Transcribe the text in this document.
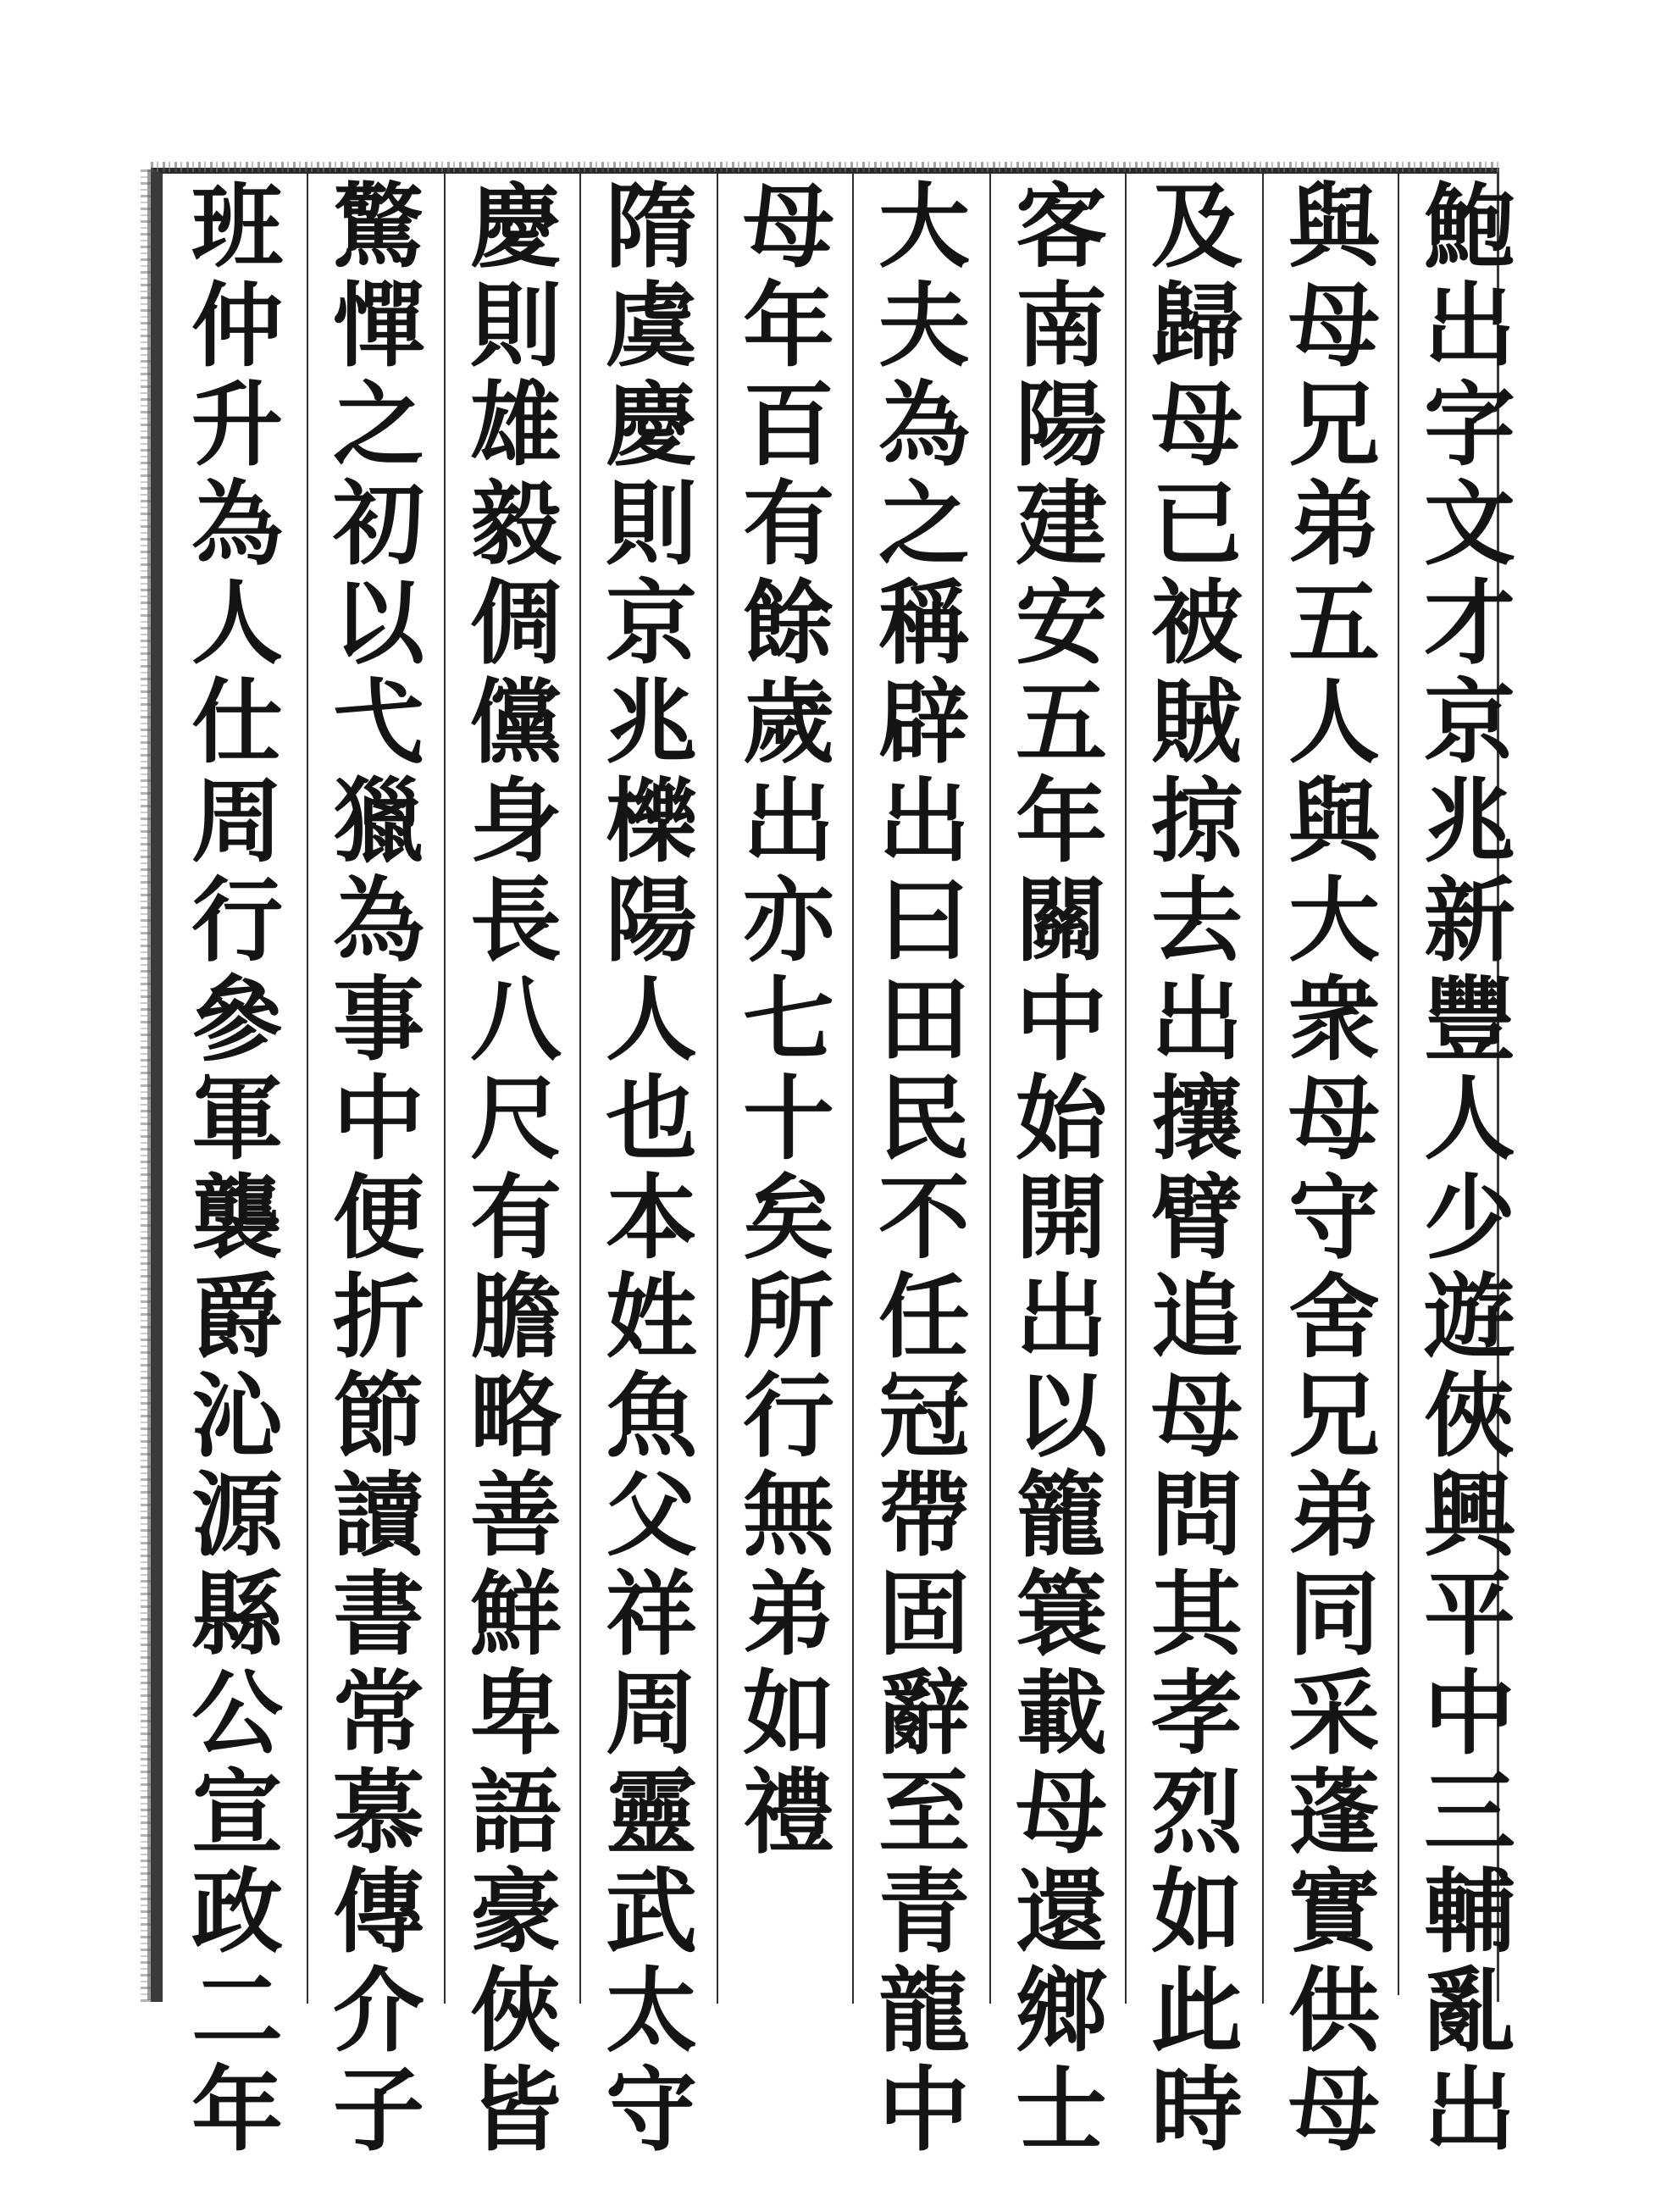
鮑
出
字
文
才
京
兆
新
豐
人
少
遊
俠
興
平
中
三
輔
亂
出
與
母
兄
弟
五
人
與
大
衆
母
守
舍
兄
弟
同
采
蓬
實
供
母
及
歸
母
已
被
賊
掠
去
出
攘
臂
追
母
問
其
孝
烈
如
此
時
客
南
陽
建
安
五
年
關
中
始
開
出
以
籠
簑
載
母
還
鄉
士
大
夫
為
之
稱
辟
出
曰
田
民
不
任
冠
帶
固
辭
至
青
龍
中
母
年
百
有
餘
歲
出
亦
七
十
矣
所
行
無
弟
如
禮
隋
虞
慶
則
京
兆
櫟
陽
人
也
本
姓
魚
父
祥
周
靈
武
太
守
慶
則
雄
毅
倜
儻
身
長
八
尺
有
膽
略
善
鮮
卑
語
豪
俠
皆
驚
憚
之
初
以
弋
獵
為
事
中
便
折
節
讀
書
常
慕
傳
介
子
班
仲
升
為
人
仕
周
行
參
軍
襲
爵
沁
源
縣
公
宣
政
二
年
